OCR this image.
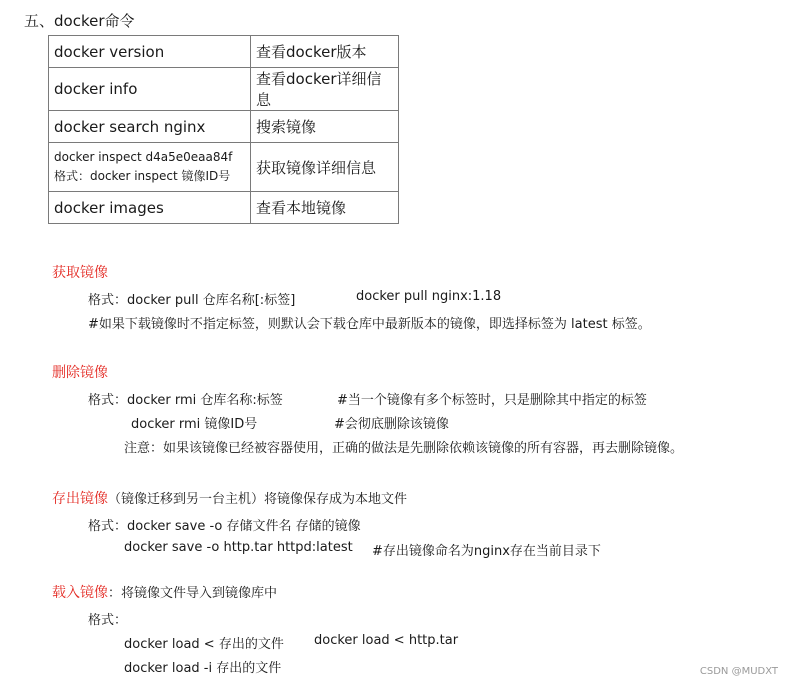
五、docker命令
docker version	查看docker版本
docker info	查看docker详细信息
docker search nginx	搜索镜像

docker inspect d4a5e0eaa84f
格式：docker inspect 镜像ID号	获取镜像详细信息
docker images	查看本地镜像
获取镜像
格式：docker pull 仓库名称[:标签]	docker pull nginx:1.18
#如果下载镜像时不指定标签，则默认会下载仓库中最新版本的镜像，即选择标签为 latest 标签。
删除镜像
格式：docker rmi 仓库名称:标签	#当一个镜像有多个标签时，只是删除其中指定的标签
docker rmi 镜像ID号	#会彻底删除该镜像
注意：如果该镜像已经被容器使用，正确的做法是先删除依赖该镜像的所有容器，再去删除镜像。
存出镜像（镜像迁移到另一台主机）将镜像保存成为本地文件
格式：docker save -o 存储文件名 存储的镜像
docker save -o http.tar httpd:latest #存出镜像命名为nginx存在当前目录下
载入镜像：将镜像文件导入到镜像库中
格式：
docker load < 存出的文件 docker load < http.tar
docker load -i 存出的文件	CSDN @MUDXT
